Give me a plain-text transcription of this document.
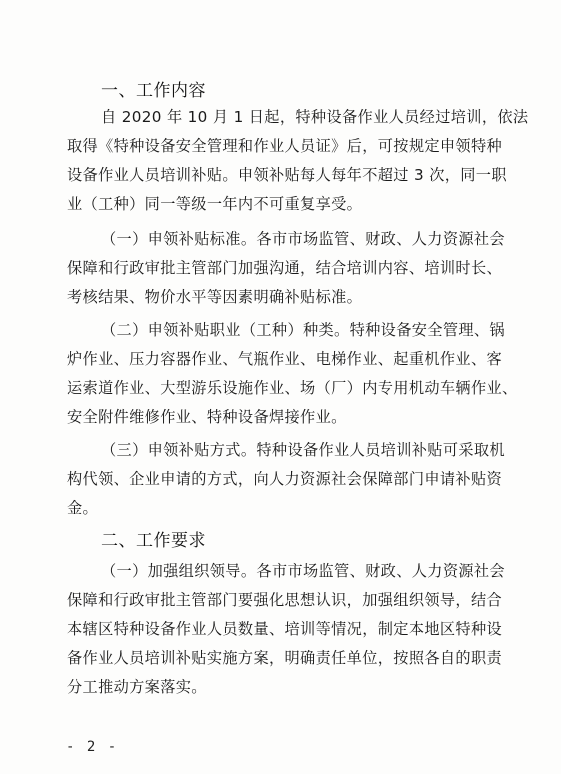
一、工作内容
自 2020 年 10 月 1 日起，特种设备作业人员经过培训，依法
取得《特种设备安全管理和作业人员证》后，可按规定申领特种
设备作业人员培训补贴。申领补贴每人每年不超过 3 次，同一职
业（工种）同一等级一年内不可重复享受。
（一）申领补贴标准。各市市场监管、财政、人力资源社会
保障和行政审批主管部门加强沟通，结合培训内容、培训时长、
考核结果、物价水平等因素明确补贴标准。
（二）申领补贴职业（工种）种类。特种设备安全管理、锅
炉作业、压力容器作业、气瓶作业、电梯作业、起重机作业、客
运索道作业、大型游乐设施作业、场（厂）内专用机动车辆作业、
安全附件维修作业、特种设备焊接作业。
（三）申领补贴方式。特种设备作业人员培训补贴可采取机
构代领、企业申请的方式，向人力资源社会保障部门申请补贴资
金。
二、工作要求
（一）加强组织领导。各市市场监管、财政、人力资源社会
保障和行政审批主管部门要强化思想认识，加强组织领导，结合
本辖区特种设备作业人员数量、培训等情况，制定本地区特种设
备作业人员培训补贴实施方案，明确责任单位，按照各自的职责
分工推动方案落实。
- 2 -
